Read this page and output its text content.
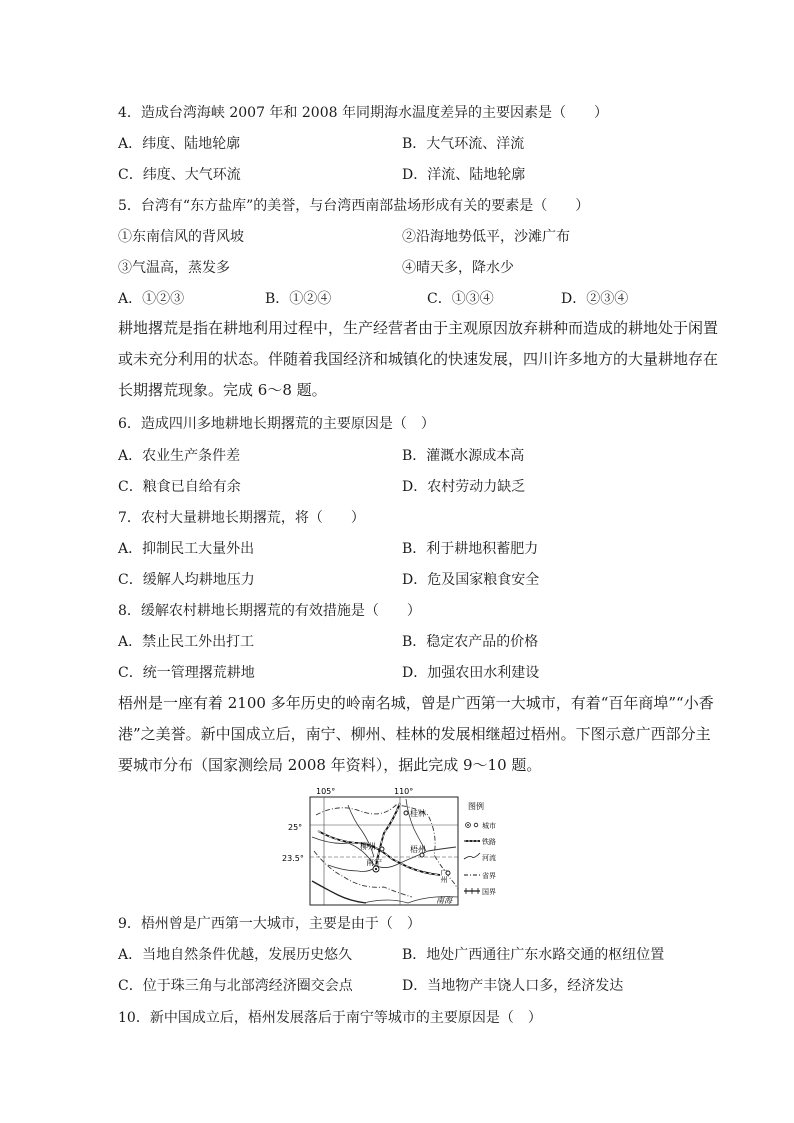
4．造成台湾海峡 2007 年和 2008 年同期海水温度差异的主要因素是（　　）
A．纬度、陆地轮廓	B．大气环流、洋流
C．纬度、大气环流	D．洋流、陆地轮廓
5．台湾有“东方盐库”的美誉，与台湾西南部盐场形成有关的要素是（　　）
①东南信风的背风坡	②沿海地势低平，沙滩广布
③气温高，蒸发多	④晴天多，降水少
A．①②③	B．①②④	C．①③④	D．②③④
耕地撂荒是指在耕地利用过程中，生产经营者由于主观原因放弃耕种而造成的耕地处于闲置
或未充分利用的状态。伴随着我国经济和城镇化的快速发展，四川许多地方的大量耕地存在
长期撂荒现象。完成 6～8 题。
6．造成四川多地耕地长期撂荒的主要原因是（　）
A．农业生产条件差	B．灌溉水源成本高
C．粮食已自给有余	D．农村劳动力缺乏
7．农村大量耕地长期撂荒，将（　　）
A．抑制民工大量外出	B．利于耕地积蓄肥力
C．缓解人均耕地压力	D．危及国家粮食安全
8．缓解农村耕地长期撂荒的有效措施是（　　）
A．禁止民工外出打工	B．稳定农产品的价格
C．统一管理撂荒耕地	D．加强农田水利建设
梧州是一座有着 2100 多年历史的岭南名城，曾是广西第一大城市，有着“百年商埠”“小香
港”之美誉。新中国成立后，南宁、柳州、桂林的发展相继超过梧州。下图示意广西部分主
要城市分布（国家测绘局 2008 年资料），据此完成 9～10 题。
105°	110°
25°
23.5°
桂林
柳州	梧州
南宁
广州
南海
图例
城市
铁路
河流
省界
国界
9．梧州曾是广西第一大城市，主要是由于（　）
A．当地自然条件优越，发展历史悠久	B．地处广西通往广东水路交通的枢纽位置
C．位于珠三角与北部湾经济圈交会点	D．当地物产丰饶人口多，经济发达
10．新中国成立后，梧州发展落后于南宁等城市的主要原因是（　）
